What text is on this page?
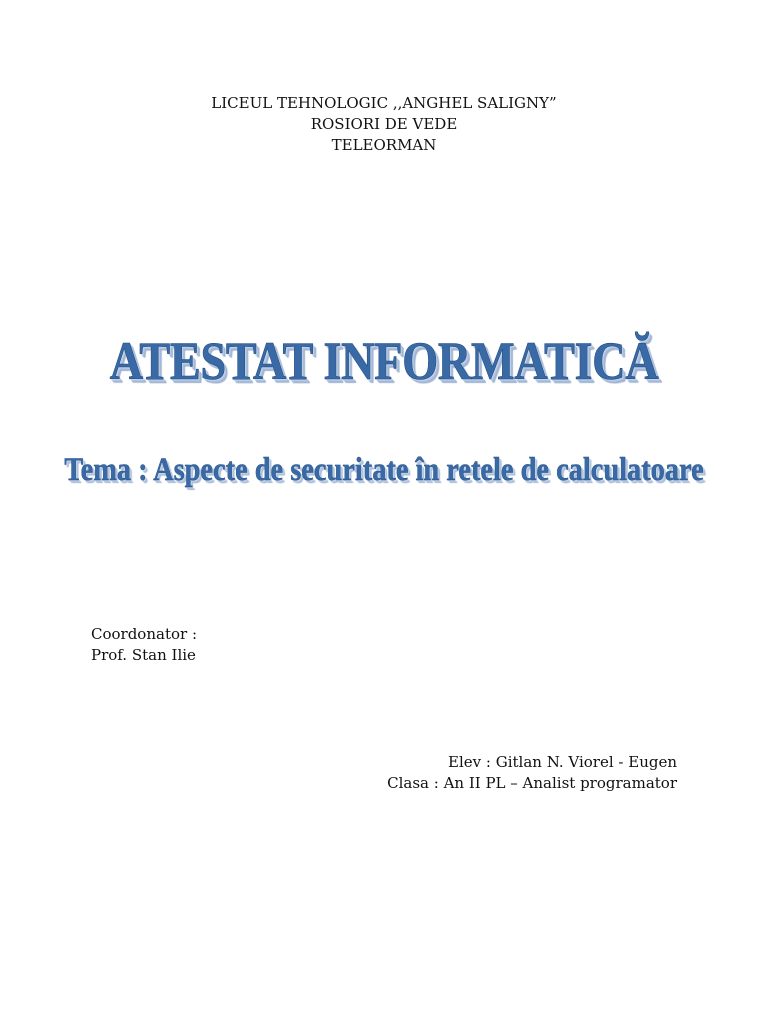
LICEUL TEHNOLOGIC ,,ANGHEL SALIGNY”
ROSIORI DE VEDE
TELEORMAN
ATESTAT INFORMATICĂ
Tema : Aspecte de securitate în retele de calculatoare
Coordonator :
Prof. Stan Ilie
Elev : Gitlan N. Viorel - Eugen
Clasa : An II PL – Analist programator
